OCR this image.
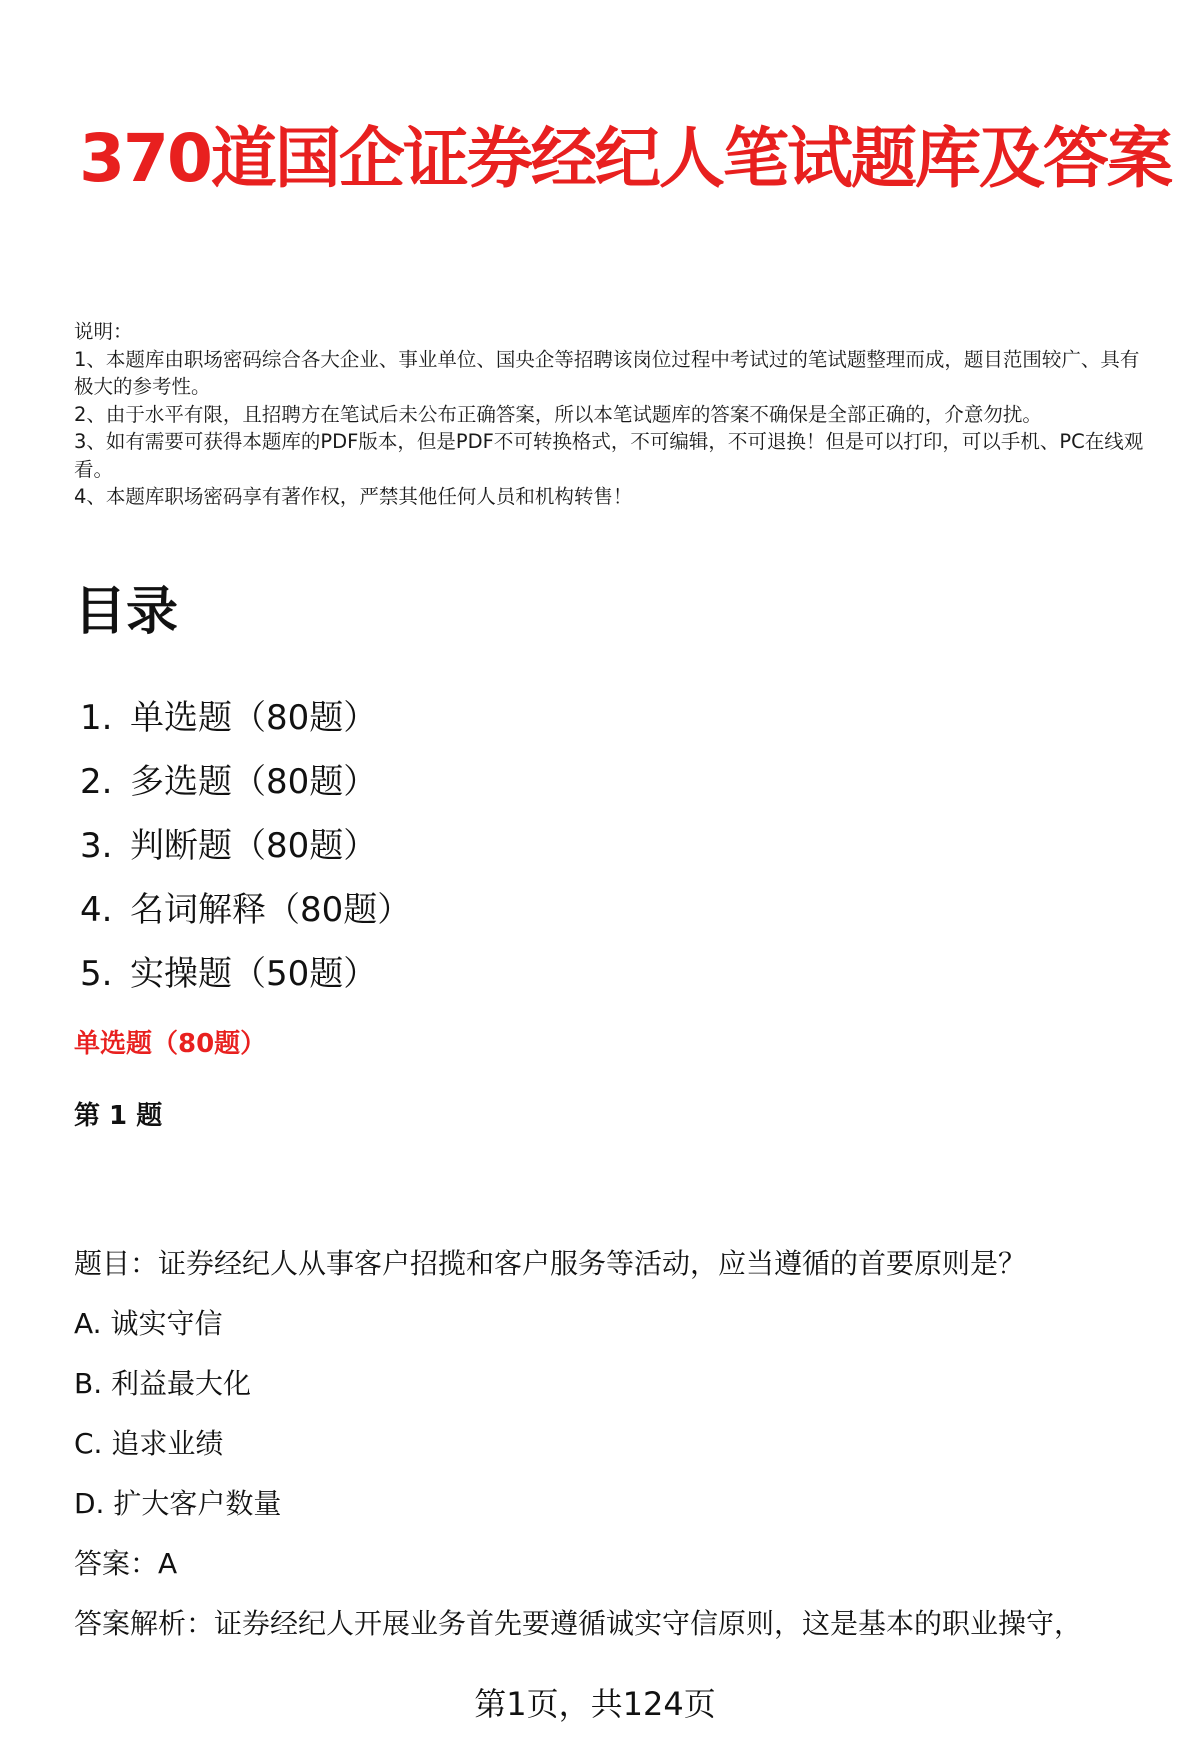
370道国企证券经纪人笔试题库及答案
说明：
1、本题库由职场密码综合各大企业、事业单位、国央企等招聘该岗位过程中考试过的笔试题整理而成，题目范围较广、具有极大的参考性。
2、由于水平有限，且招聘方在笔试后未公布正确答案，所以本笔试题库的答案不确保是全部正确的，介意勿扰。
3、如有需要可获得本题库的PDF版本，但是PDF不可转换格式，不可编辑，不可退换！但是可以打印，可以手机、PC在线观看。
4、本题库职场密码享有著作权，严禁其他任何人员和机构转售！
目录
1. 单选题（80题）
2. 多选题（80题）
3. 判断题（80题）
4. 名词解释（80题）
5. 实操题（50题）
单选题（80题）
第 1 题
题目：证券经纪人从事客户招揽和客户服务等活动，应当遵循的首要原则是？
A. 诚实守信
B. 利益最大化
C. 追求业绩
D. 扩大客户数量
答案：A
答案解析：证券经纪人开展业务首先要遵循诚实守信原则，这是基本的职业操守，
第1页，共124页
